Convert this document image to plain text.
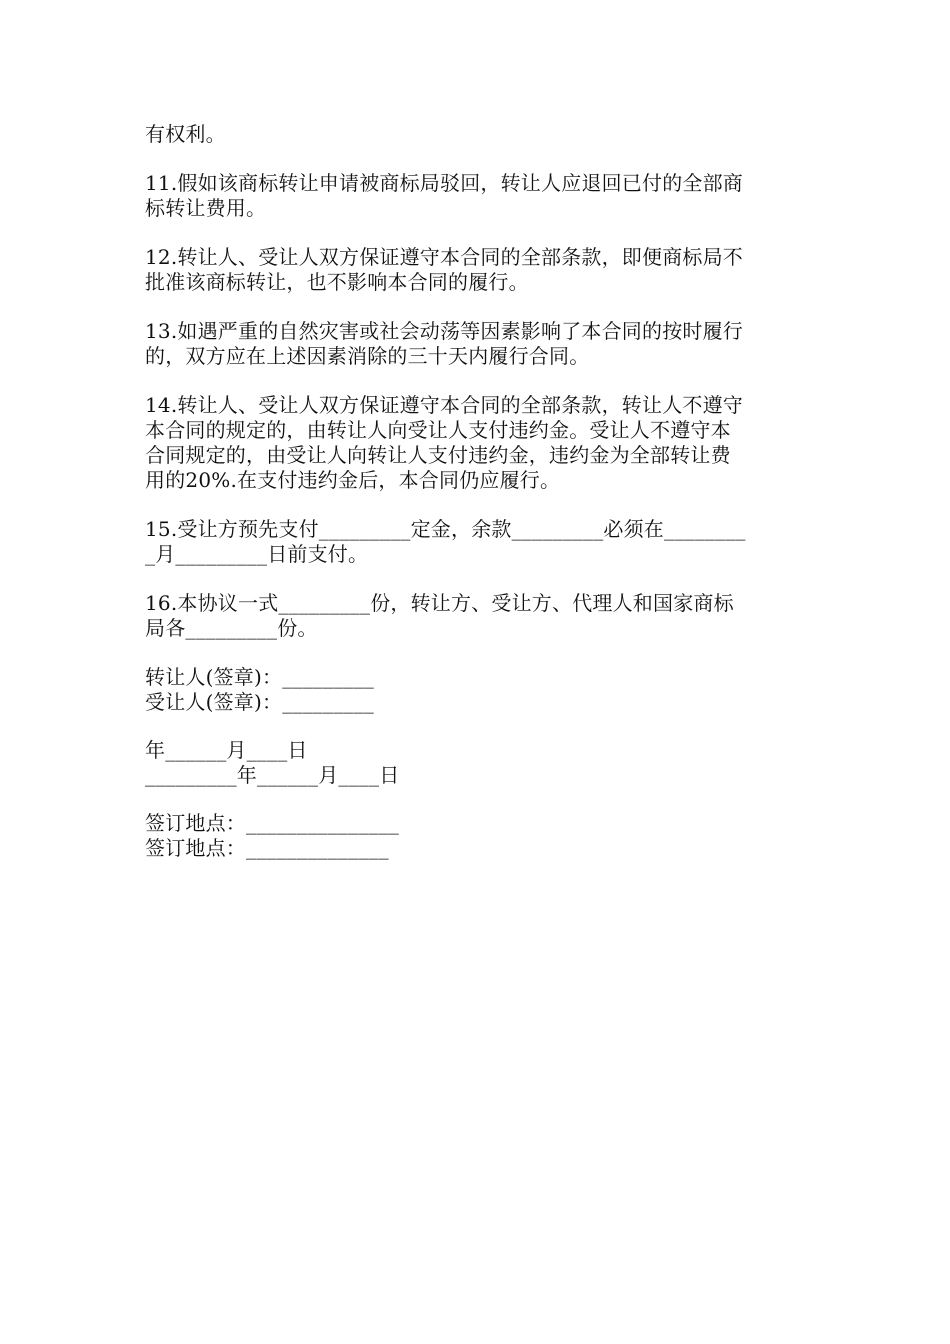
有权利。
11.假如该商标转让申请被商标局驳回，转让人应退回已付的全部商
标转让费用。
12.转让人、受让人双方保证遵守本合同的全部条款，即便商标局不
批准该商标转让，也不影响本合同的履行。
13.如遇严重的自然灾害或社会动荡等因素影响了本合同的按时履行
的，双方应在上述因素消除的三十天内履行合同。
14.转让人、受让人双方保证遵守本合同的全部条款，转让人不遵守
本合同的规定的，由转让人向受让人支付违约金。受让人不遵守本
合同规定的，由受让人向转让人支付违约金，违约金为全部转让费
用的20%.在支付违约金后，本合同仍应履行。
15.受让方预先支付_________定金，余款_________必须在________
_月_________日前支付。
16.本协议一式_________份，转让方、受让方、代理人和国家商标
局各_________份。
转让人(签章)：_________
受让人(签章)：_________
年______月____日
_________年______月____日
签订地点：_______________
签订地点：______________
